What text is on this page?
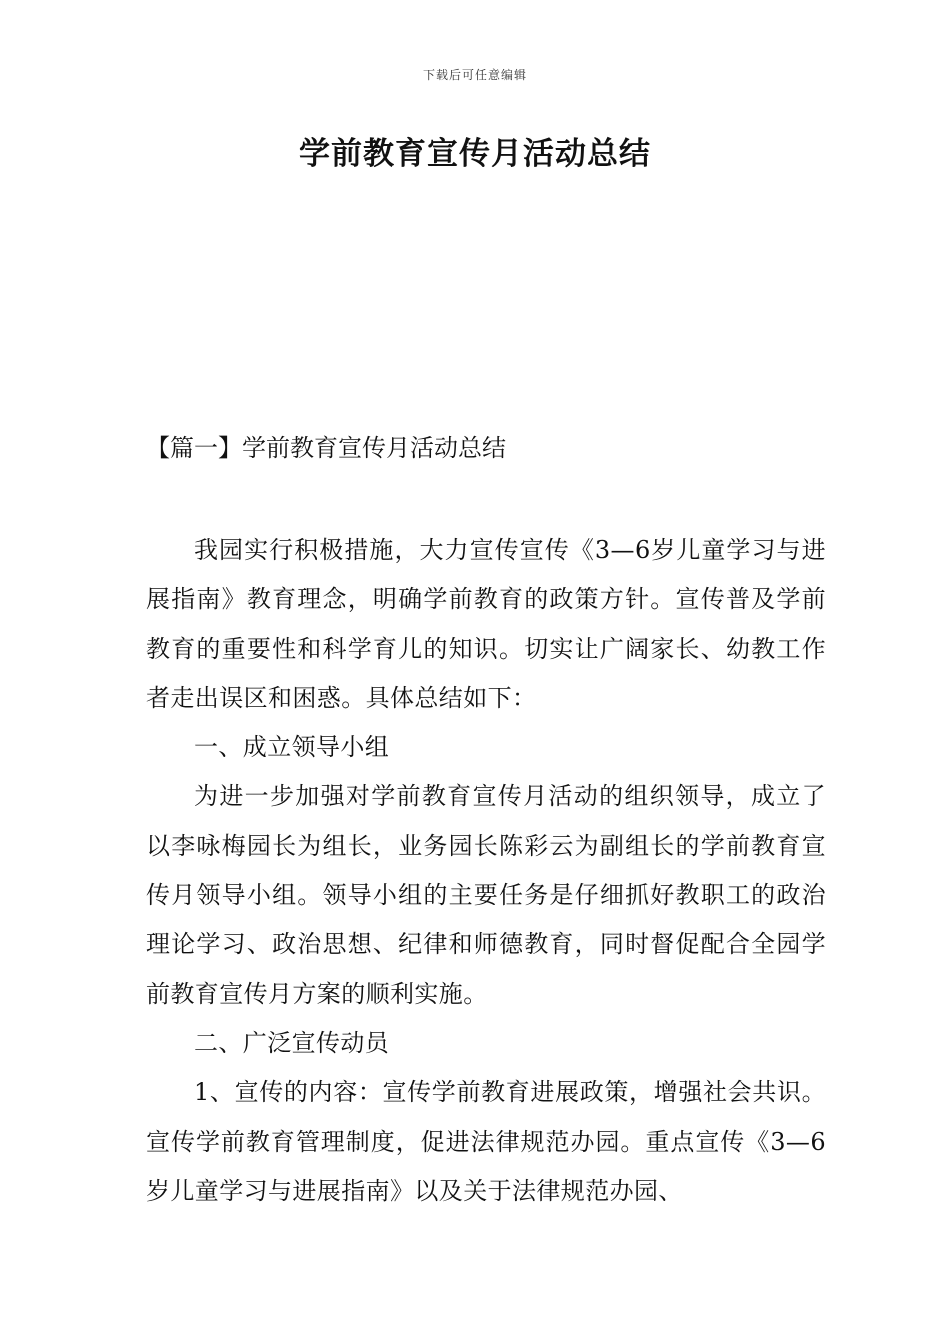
下载后可任意编辑
学前教育宣传月活动总结
【篇一】学前教育宣传月活动总结

我园实行积极措施，大力宣传宣传《3—6岁儿童学习与进展指南》教育理念，明确学前教育的政策方针。宣传普及学前教育的重要性和科学育儿的知识。切实让广阔家长、幼教工作者走出误区和困惑。具体总结如下：

一、成立领导小组

为进一步加强对学前教育宣传月活动的组织领导，成立了以李咏梅园长为组长，业务园长陈彩云为副组长的学前教育宣传月领导小组。领导小组的主要任务是仔细抓好教职工的政治理论学习、政治思想、纪律和师德教育，同时督促配合全园学前教育宣传月方案的顺利实施。

二、广泛宣传动员

1、宣传的内容：宣传学前教育进展政策，增强社会共识。宣传学前教育管理制度，促进法律规范办园。重点宣传《3—6岁儿童学习与进展指南》以及关于法律规范办园、
